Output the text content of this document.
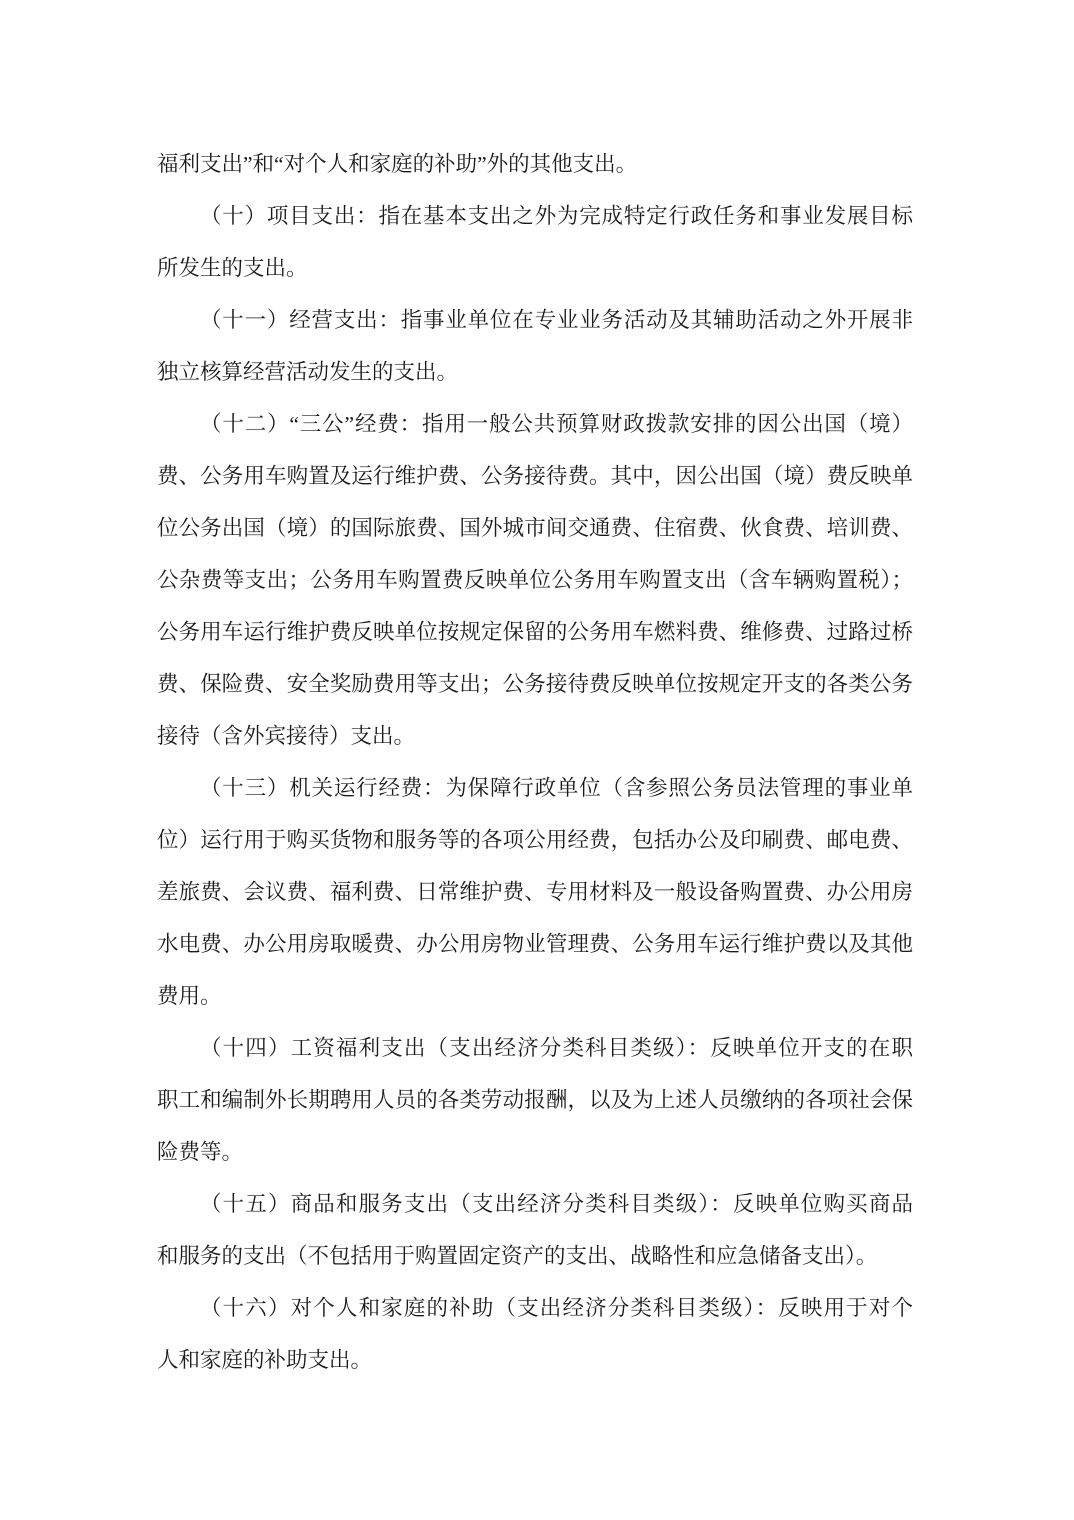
福利支出”和“对个人和家庭的补助”外的其他支出。
（十）项目支出：指在基本支出之外为完成特定行政任务和事业发展目标
所发生的支出。
（十一）经营支出：指事业单位在专业业务活动及其辅助活动之外开展非
独立核算经营活动发生的支出。
（十二）“三公”经费：指用一般公共预算财政拨款安排的因公出国（境）
费、公务用车购置及运行维护费、公务接待费。其中，因公出国（境）费反映单
位公务出国（境）的国际旅费、国外城市间交通费、住宿费、伙食费、培训费、
公杂费等支出；公务用车购置费反映单位公务用车购置支出（含车辆购置税）；
公务用车运行维护费反映单位按规定保留的公务用车燃料费、维修费、过路过桥
费、保险费、安全奖励费用等支出；公务接待费反映单位按规定开支的各类公务
接待（含外宾接待）支出。
（十三）机关运行经费：为保障行政单位（含参照公务员法管理的事业单
位）运行用于购买货物和服务等的各项公用经费，包括办公及印刷费、邮电费、
差旅费、会议费、福利费、日常维护费、专用材料及一般设备购置费、办公用房
水电费、办公用房取暖费、办公用房物业管理费、公务用车运行维护费以及其他
费用。
（十四）工资福利支出（支出经济分类科目类级）：反映单位开支的在职
职工和编制外长期聘用人员的各类劳动报酬，以及为上述人员缴纳的各项社会保
险费等。
（十五）商品和服务支出（支出经济分类科目类级）：反映单位购买商品
和服务的支出（不包括用于购置固定资产的支出、战略性和应急储备支出）。
（十六）对个人和家庭的补助（支出经济分类科目类级）：反映用于对个
人和家庭的补助支出。
